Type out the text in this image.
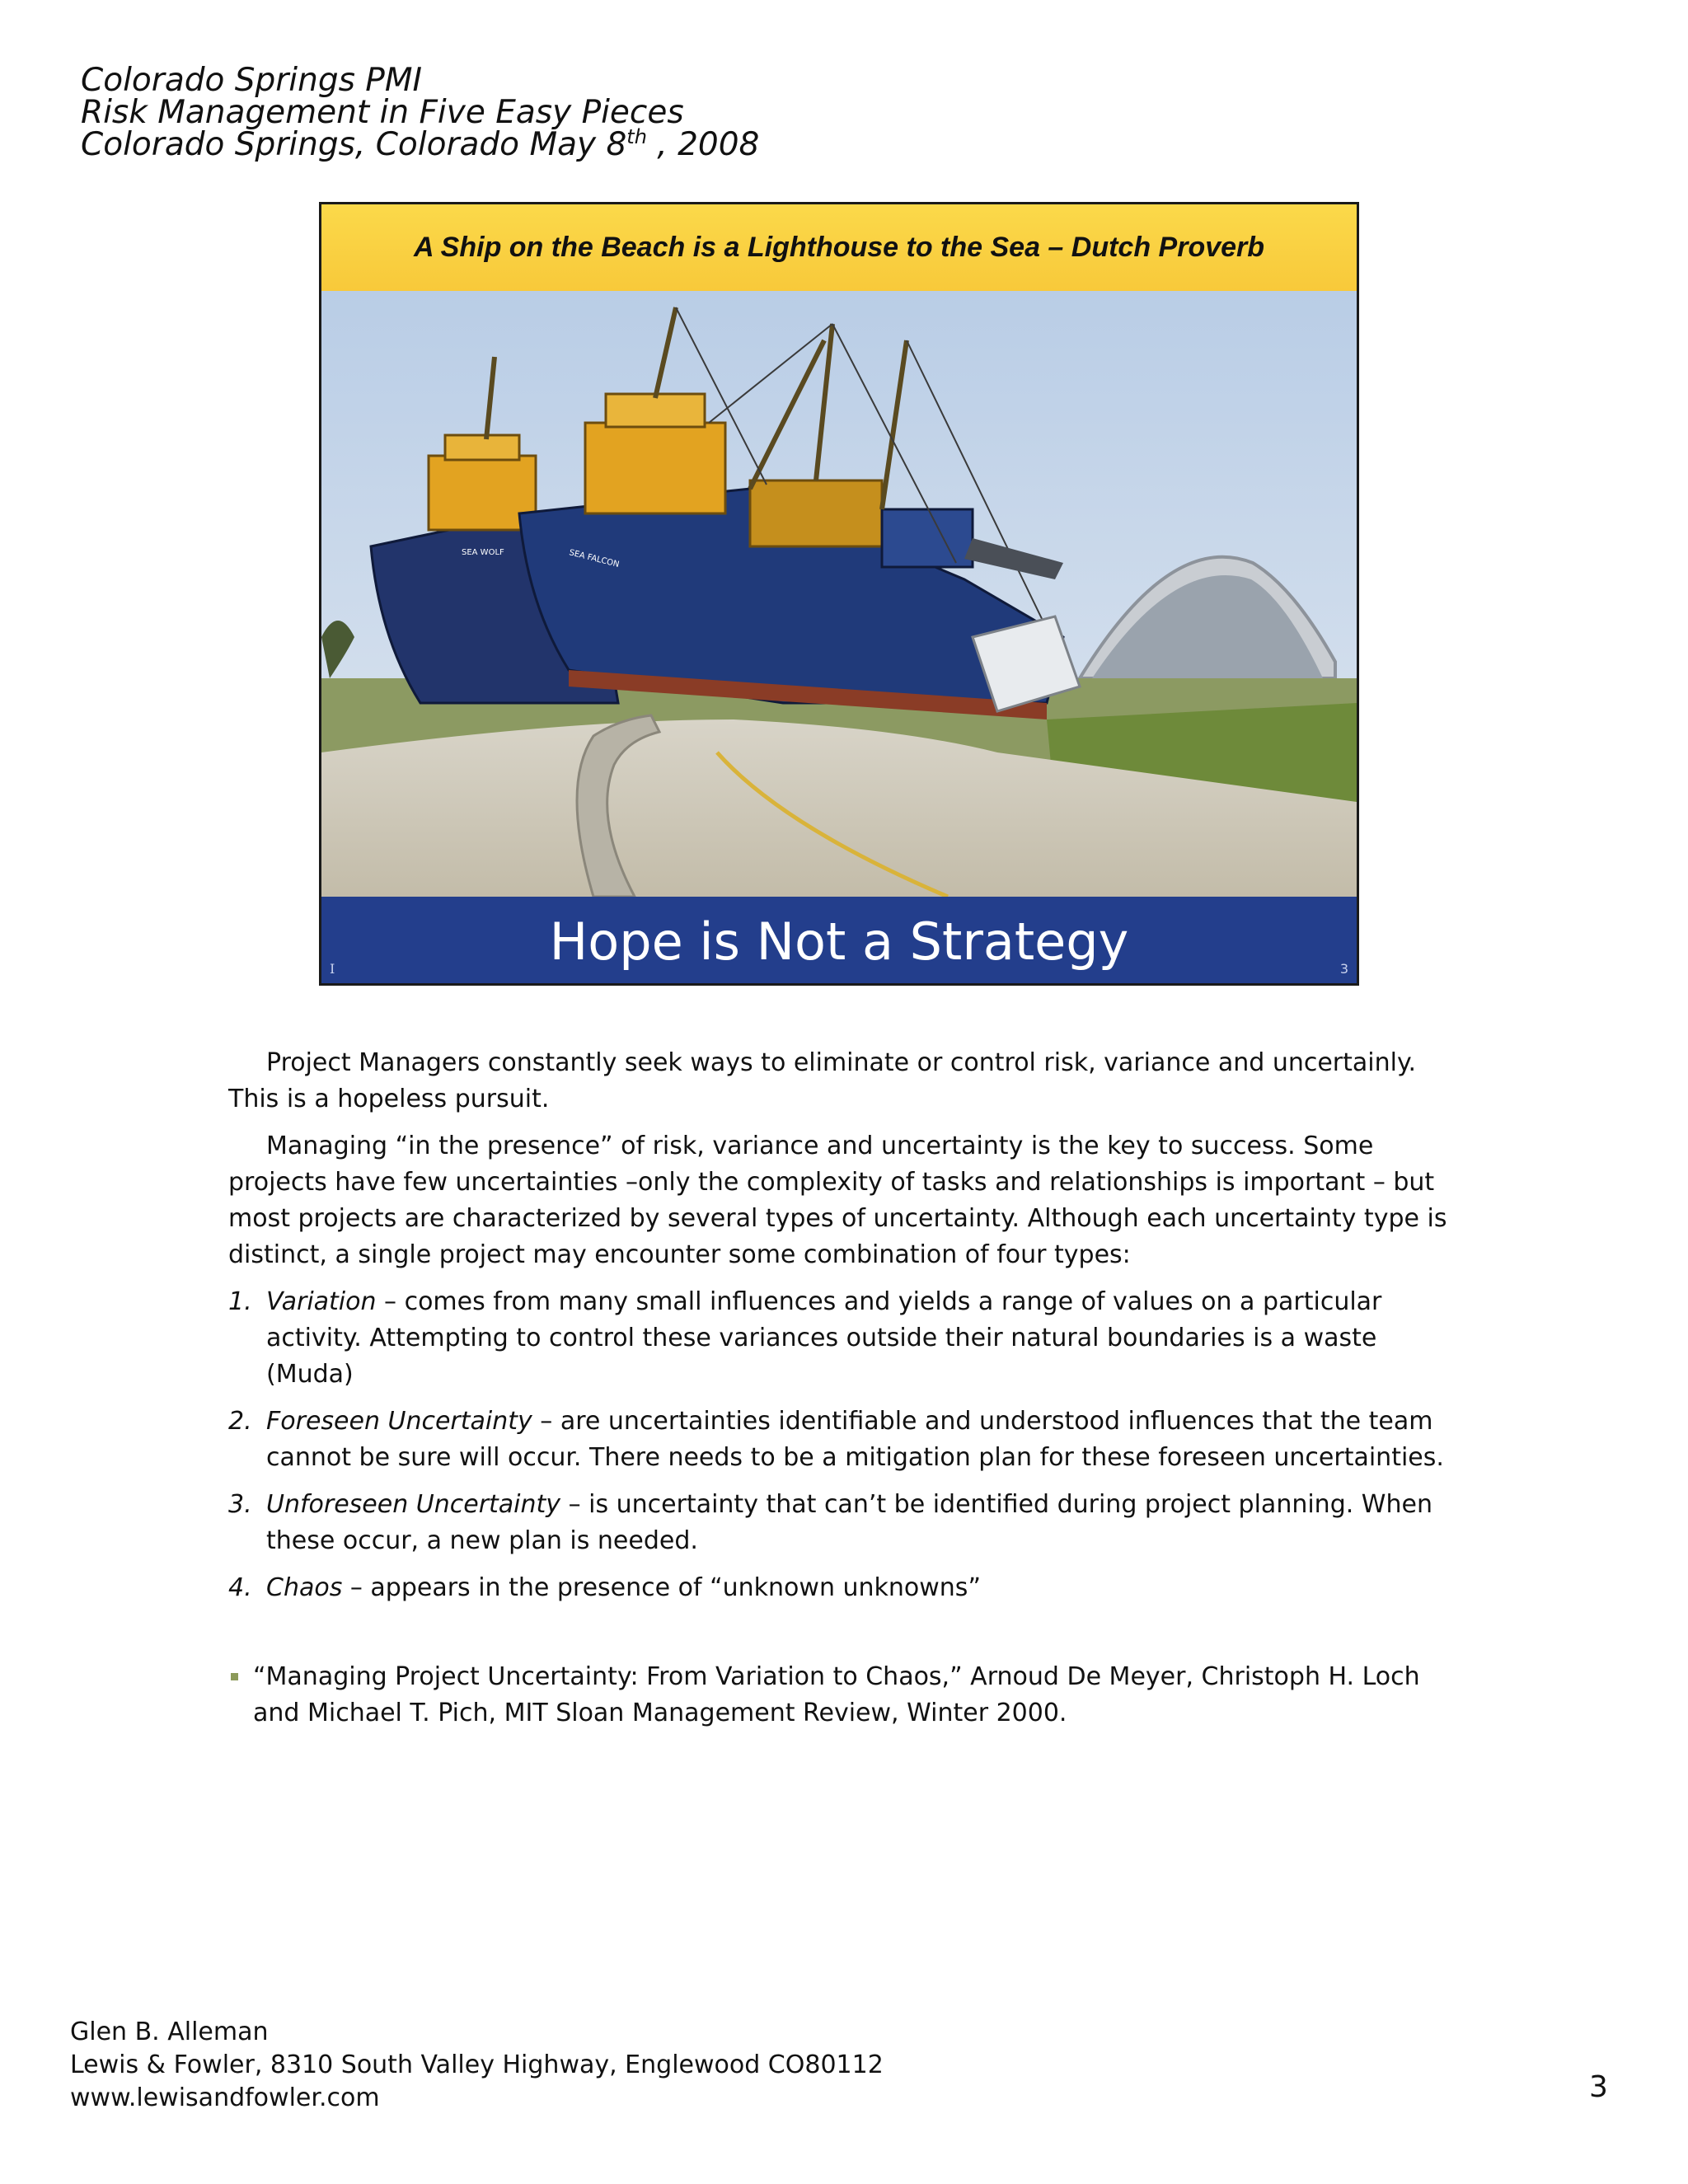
Colorado Springs PMI
Risk Management in Five Easy Pieces
Colorado Springs, Colorado May 8th , 2008
A Ship on the Beach is a Lighthouse to the Sea – Dutch Proverb
SEA WOLF	SEA FALCON
Hope is Not a Strategy
I	3

Project Managers constantly seek ways to eliminate or control risk, variance and uncertainly. This is a hopeless pursuit.

Managing “in the presence” of risk, variance and uncertainty is the key to success. Some projects have few uncertainties –only the complexity of tasks and relationships is important – but most projects are characterized by several types of uncertainty. Although each uncertainty type is distinct, a single project may encounter some combination of four types:

1. Variation – comes from many small influences and yields a range of values on a particular activity. Attempting to control these variances outside their natural boundaries is a waste (Muda)
2. Foreseen Uncertainty – are uncertainties identifiable and understood influences that the team cannot be sure will occur. There needs to be a mitigation plan for these foreseen uncertainties.
3. Unforeseen Uncertainty – is uncertainty that can’t be identified during project planning. When these occur, a new plan is needed.
4. Chaos – appears in the presence of “unknown unknowns”
“Managing Project Uncertainty: From Variation to Chaos,” Arnoud De Meyer, Christoph H. Loch and Michael T. Pich, MIT Sloan Management Review, Winter 2000.
Glen B. Alleman
Lewis & Fowler, 8310 South Valley Highway, Englewood CO80112
www.lewisandfowler.com	3
